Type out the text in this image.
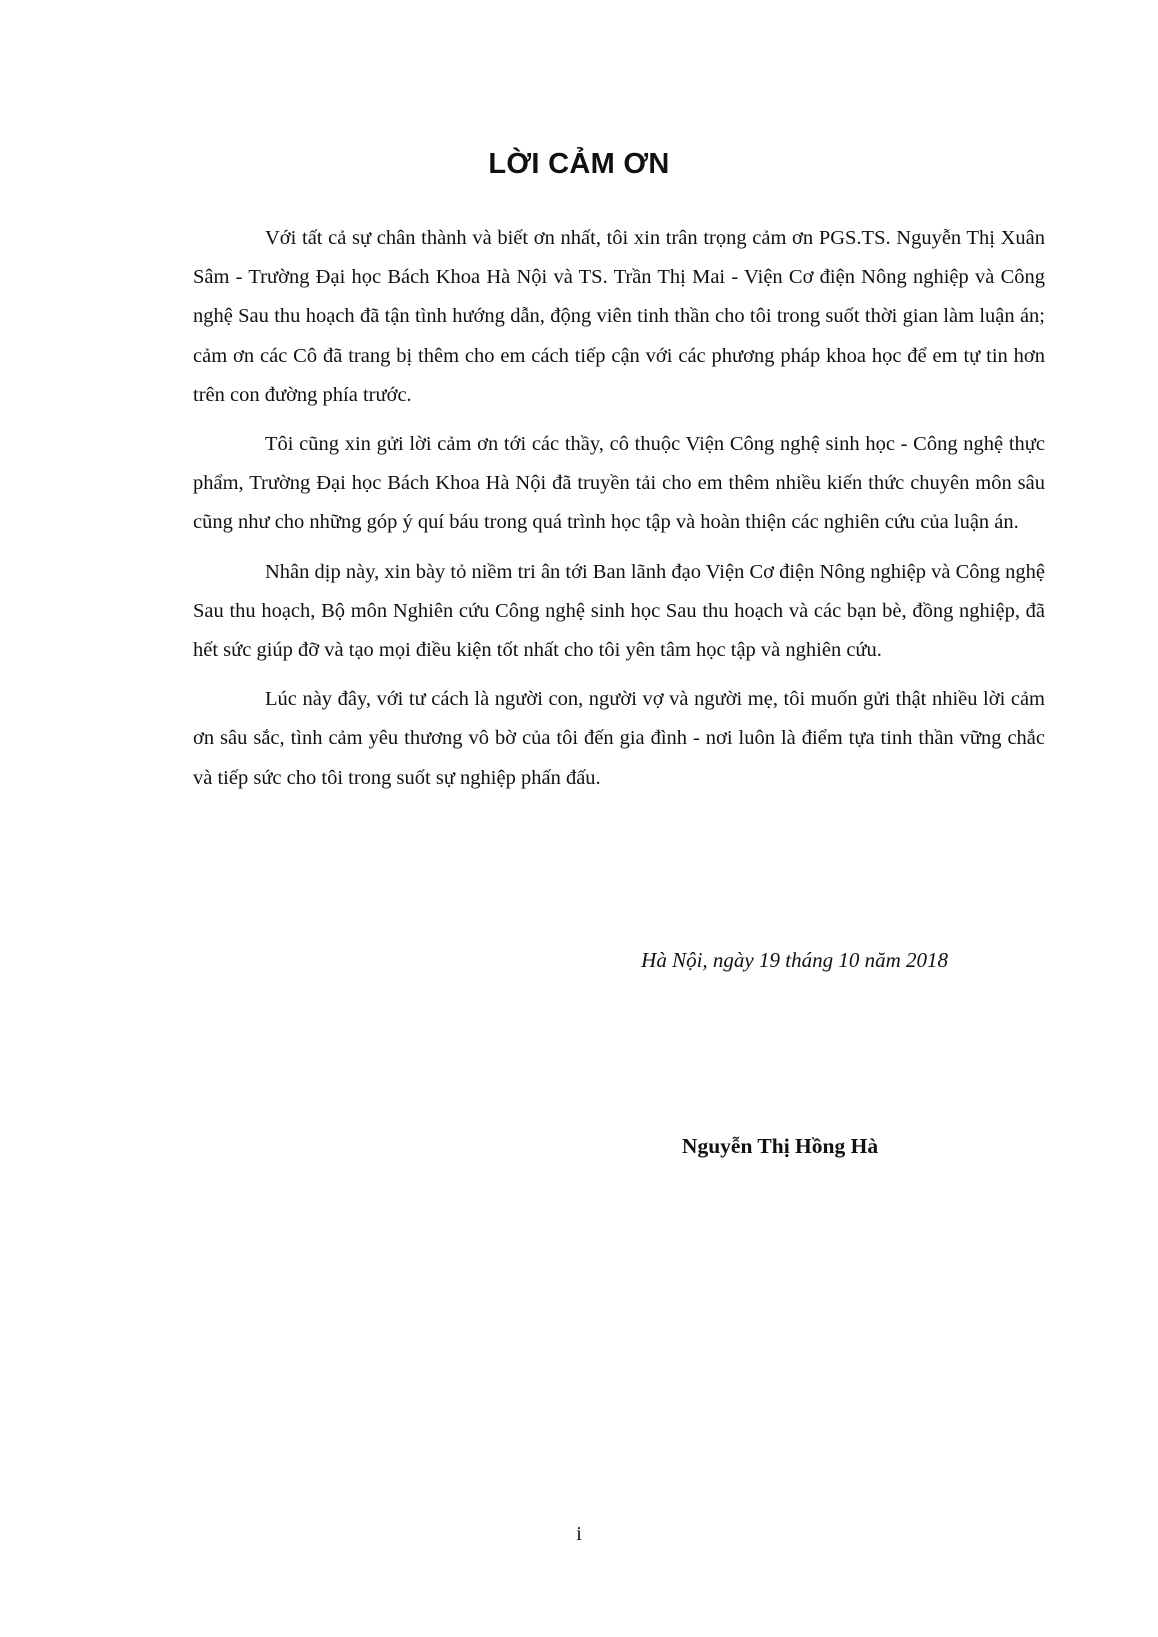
LỜI CẢM ƠN

Với tất cả sự chân thành và biết ơn nhất, tôi xin trân trọng cảm ơn PGS.TS. Nguyễn Thị Xuân Sâm - Trường Đại học Bách Khoa Hà Nội và TS. Trần Thị Mai - Viện Cơ điện Nông nghiệp và Công nghệ Sau thu hoạch đã tận tình hướng dẫn, động viên tinh thần cho tôi trong suốt thời gian làm luận án; cảm ơn các Cô đã trang bị thêm cho em cách tiếp cận với các phương pháp khoa học để em tự tin hơn trên con đường phía trước.

Tôi cũng xin gửi lời cảm ơn tới các thầy, cô thuộc Viện Công nghệ sinh học - Công nghệ thực phẩm, Trường Đại học Bách Khoa Hà Nội đã truyền tải cho em thêm nhiều kiến thức chuyên môn sâu cũng như cho những góp ý quí báu trong quá trình học tập và hoàn thiện các nghiên cứu của luận án.

Nhân dịp này, xin bày tỏ niềm tri ân tới Ban lãnh đạo Viện Cơ điện Nông nghiệp và Công nghệ Sau thu hoạch, Bộ môn Nghiên cứu Công nghệ sinh học Sau thu hoạch và các bạn bè, đồng nghiệp, đã hết sức giúp đỡ và tạo mọi điều kiện tốt nhất cho tôi yên tâm học tập và nghiên cứu.

Lúc này đây, với tư cách là người con, người vợ và người mẹ, tôi muốn gửi thật nhiều lời cảm ơn sâu sắc, tình cảm yêu thương vô bờ của tôi đến gia đình - nơi luôn là điểm tựa tinh thần vững chắc và tiếp sức cho tôi trong suốt sự nghiệp phấn đấu.

Hà Nội, ngày 19 tháng 10 năm 2018
Nguyễn Thị Hồng Hà
i
